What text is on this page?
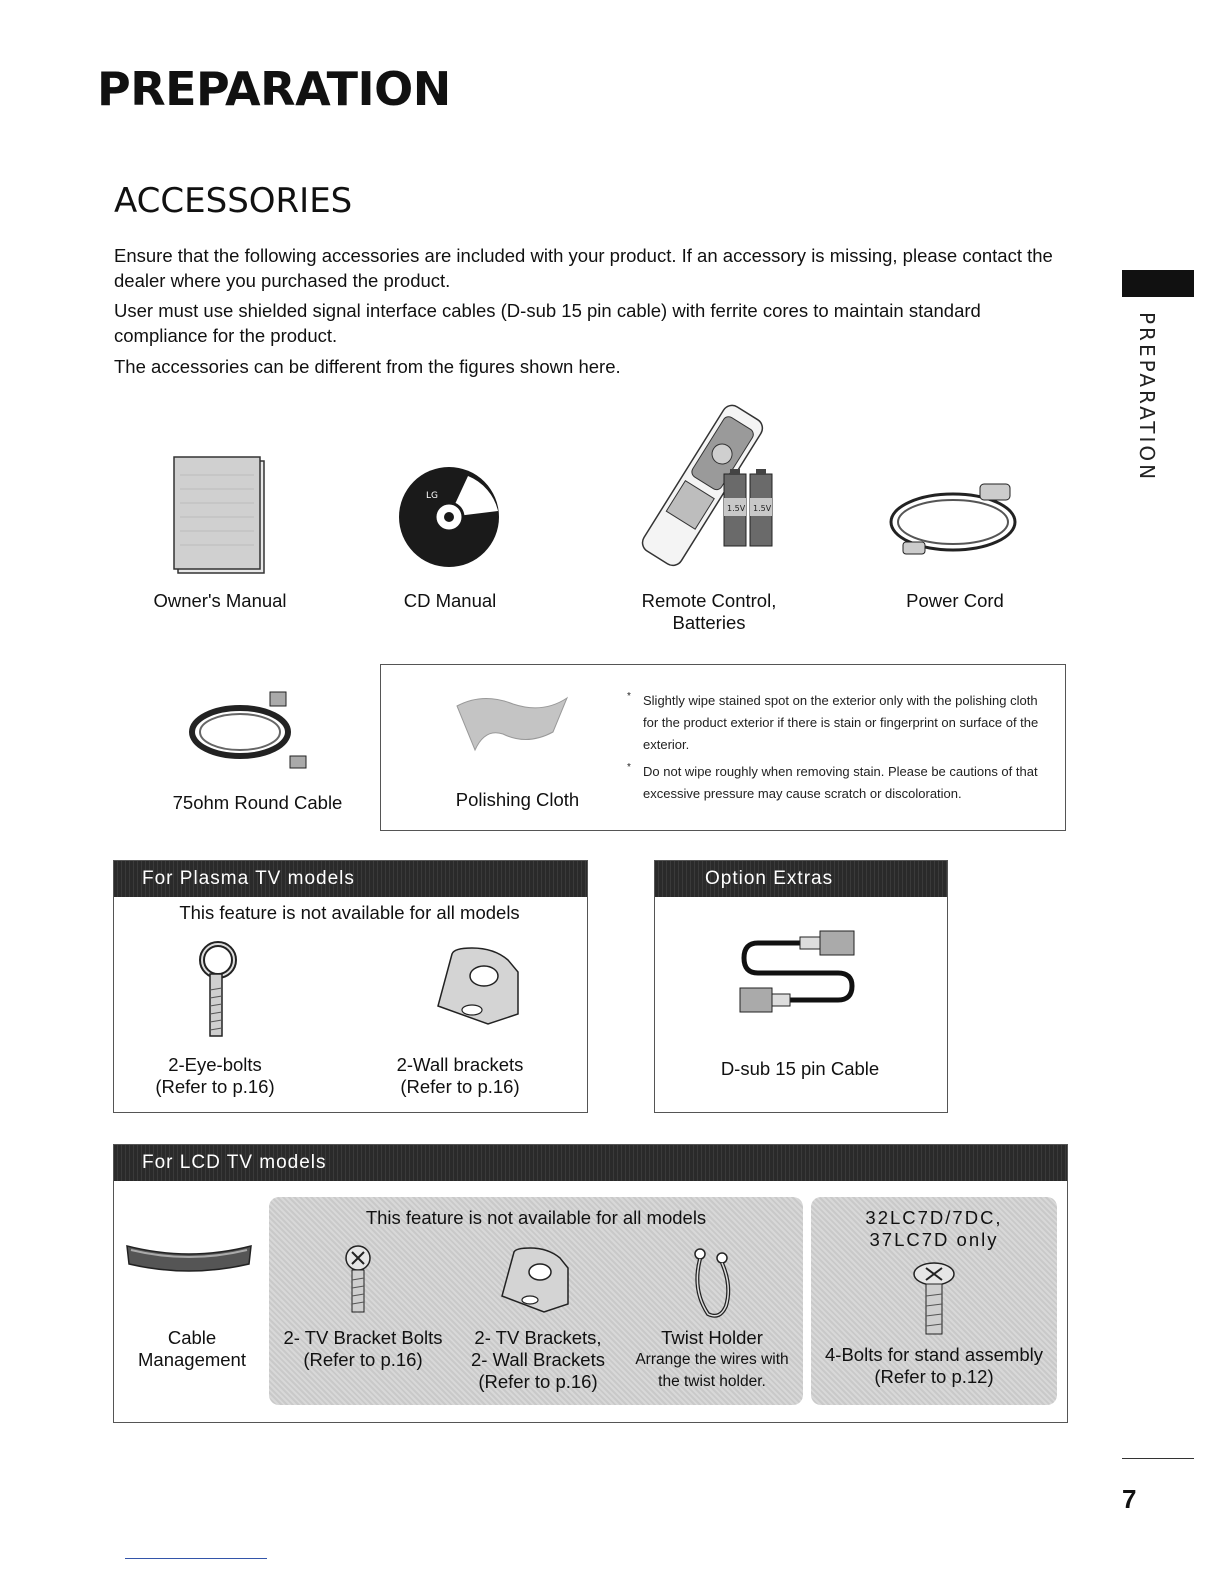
PREPARATION
ACCESSORIES
Ensure that the following accessories are included with your product. If an accessory is missing, please contact the dealer where you purchased the product.
User must use shielded signal interface cables (D-sub 15 pin cable) with ferrite cores to maintain standard compliance for the product.
The accessories can be different from the figures shown here.	PREPARATION
Owner's Manual
LG
CD Manual
1.5V 1.5V
Remote Control,
Batteries
Power Cord
75ohm Round Cable	Polishing Cloth
* Slightly wipe stained spot on the exterior only with the polishing cloth for the product exterior if there is stain or fingerprint on surface of the exterior.
* Do not wipe roughly when removing stain. Please be cautions of that excessive pressure may cause scratch or discoloration.
For Plasma TV models
This feature is not available for all models
2-Eye-bolts
(Refer to p.16)
2-Wall brackets
(Refer to p.16)
Option Extras
D-sub 15 pin Cable
For LCD TV models
Cable
Management
This feature is not available for all models
2- TV Bracket Bolts
(Refer to p.16)
2- TV Brackets,
2- Wall Brackets
(Refer to p.16)
Twist Holder
Arrange the wires with
the twist holder.
32LC7D/7DC,
37LC7D only
4-Bolts for stand assembly
(Refer to p.12)
7
